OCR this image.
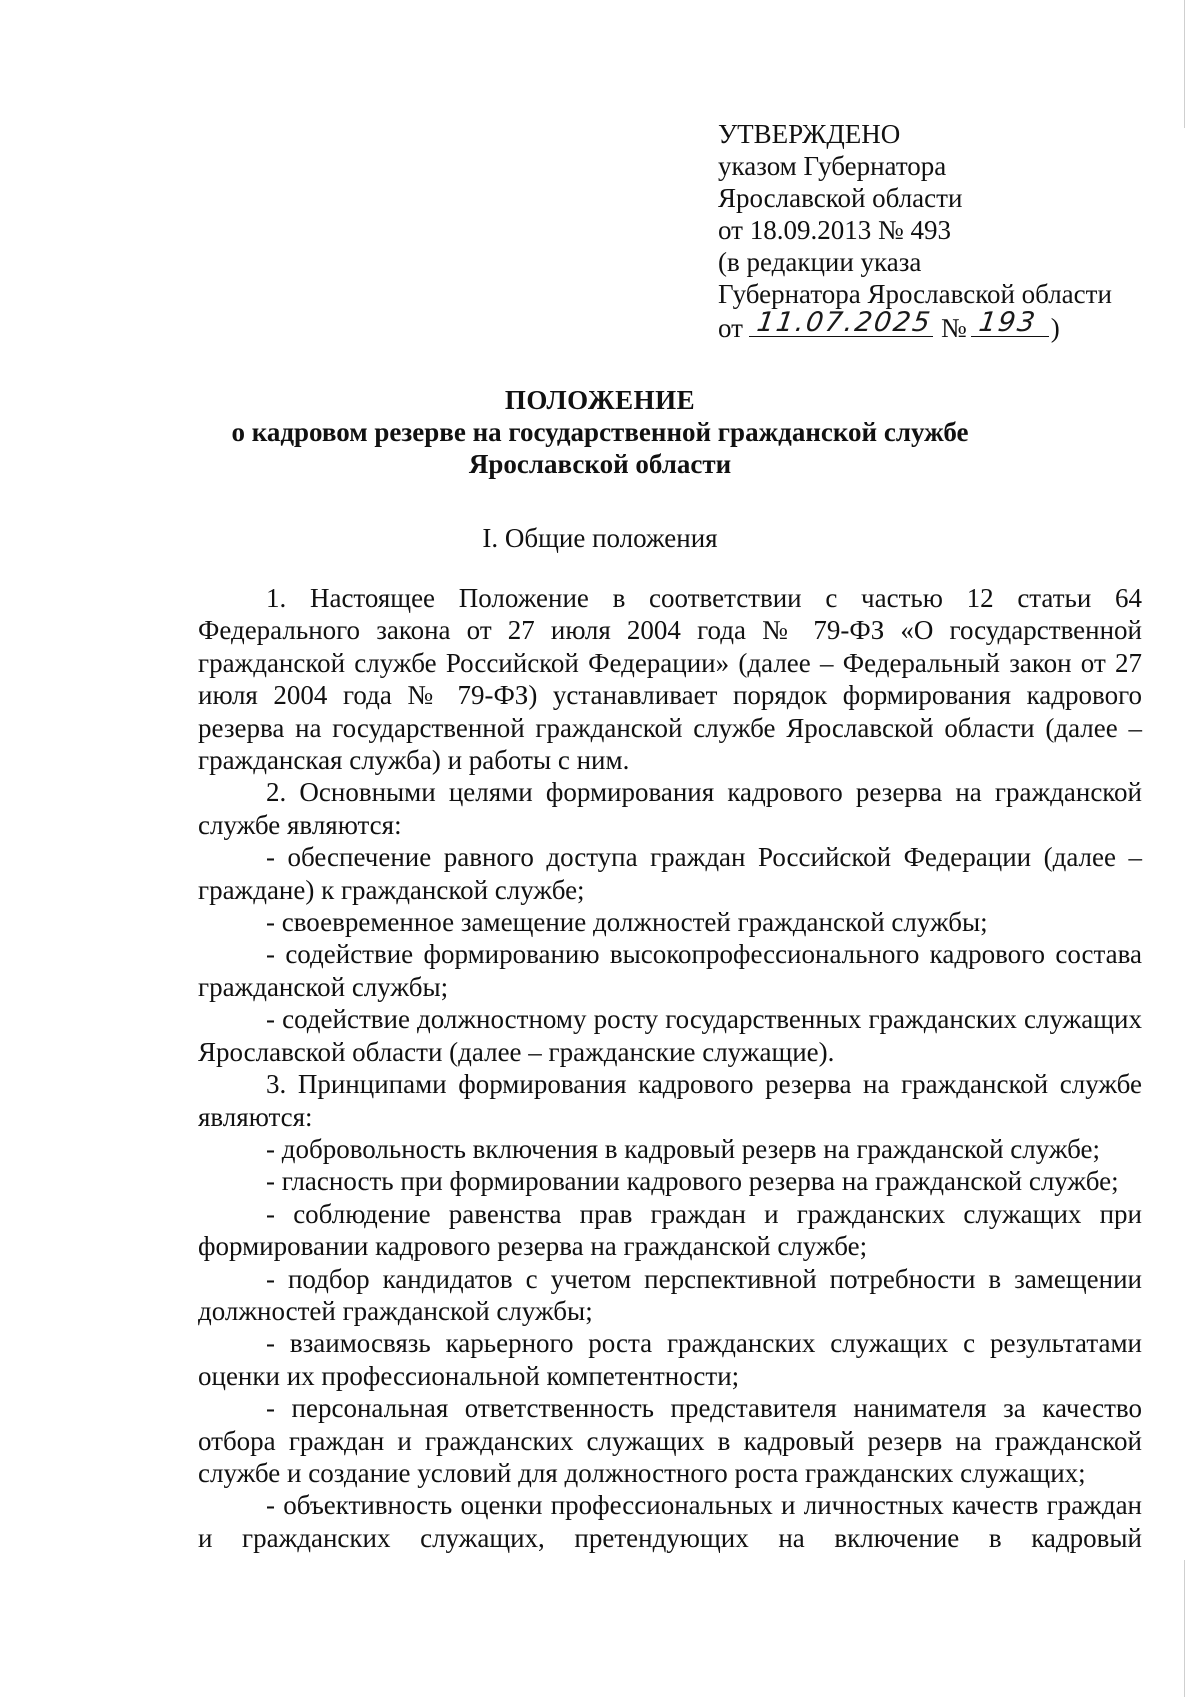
УТВЕРЖДЕНО
указом Губернатора
Ярославской области
от 18.09.2013 № 493
(в редакции указа
Губернатора Ярославской области
от 11.07.2025 № 193 )
ПОЛОЖЕНИЕ
о кадровом резерве на государственной гражданской службе
Ярославской области
I. Общие положения

1. Настоящее Положение в соответствии с частью 12 статьи 64 Федерального закона от 27 июля 2004 года № 79-ФЗ «О государственной гражданской службе Российской Федерации» (далее – Федеральный закон от 27 июля 2004 года № 79-ФЗ) устанавливает порядок формирования кадрового резерва на государственной гражданской службе Ярославской области (далее – гражданская служба) и работы с ним.

2. Основными целями формирования кадрового резерва на гражданской службе являются:

- обеспечение равного доступа граждан Российской Федерации (далее – граждане) к гражданской службе;

- своевременное замещение должностей гражданской службы;

- содействие формированию высокопрофессионального кадрового состава гражданской службы;

- содействие должностному росту государственных гражданских служащих Ярославской области (далее – гражданские служащие).

3. Принципами формирования кадрового резерва на гражданской службе являются:

- добровольность включения в кадровый резерв на гражданской службе;

- гласность при формировании кадрового резерва на гражданской службе;

- соблюдение равенства прав граждан и гражданских служащих при формировании кадрового резерва на гражданской службе;

- подбор кандидатов с учетом перспективной потребности в замещении должностей гражданской службы;

- взаимосвязь карьерного роста гражданских служащих с результатами оценки их профессиональной компетентности;

- персональная ответственность представителя нанимателя за качество отбора граждан и гражданских служащих в кадровый резерв на гражданской службе и создание условий для должностного роста гражданских служащих;

- объективность оценки профессиональных и личностных качеств граждан и гражданских служащих, претендующих на включение в кадровый
